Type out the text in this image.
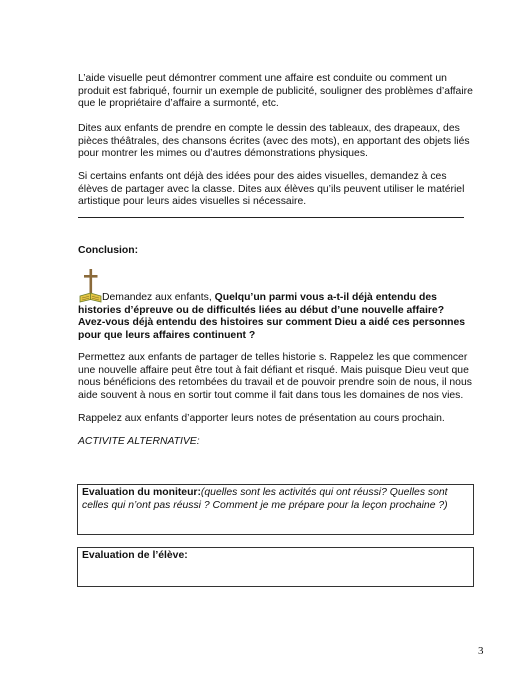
L’aide visuelle peut démontrer comment une affaire est conduite ou comment un produit est fabriqué, fournir un exemple de publicité, souligner des problèmes d’affaire que le propriétaire d’affaire a surmonté, etc.

Dites aux enfants de prendre en compte le dessin des tableaux, des drapeaux, des pièces théâtrales, des chansons écrites (avec des mots), en apportant des objets liés pour montrer les mimes ou d’autres démonstrations physiques.

Si certains enfants ont déjà des idées pour des aides visuelles, demandez à ces élèves de partager avec la classe. Dites aux élèves qu’ils peuvent utiliser le matériel artistique pour leurs aides visuelles si nécessaire.

Conclusion:

Demandez aux enfants, Quelqu’un parmi vous a-t-il déjà entendu des histories d’épreuve ou de difficultés liées au début d’une nouvelle affaire? Avez-vous déjà entendu des histoires sur comment Dieu a aidé ces personnes pour que leurs affaires continuent ?

Permettez aux enfants de partager de telles historie s. Rappelez les que commencer une nouvelle affaire peut être tout à fait défiant et risqué. Mais puisque Dieu veut que nous bénéficions des retombées du travail et de pouvoir prendre soin de nous, il nous aide souvent à nous en sortir tout comme il fait dans tous les domaines de nos vies.

Rappelez aux enfants d’apporter leurs notes de présentation au cours prochain.

ACTIVITE ALTERNATIVE:

Evaluation du moniteur:(quelles sont les activités qui ont réussi? Quelles sont celles qui n’ont pas réussi ? Comment je me prépare pour la leçon prochaine ?)
Evaluation de l’élève:
3
